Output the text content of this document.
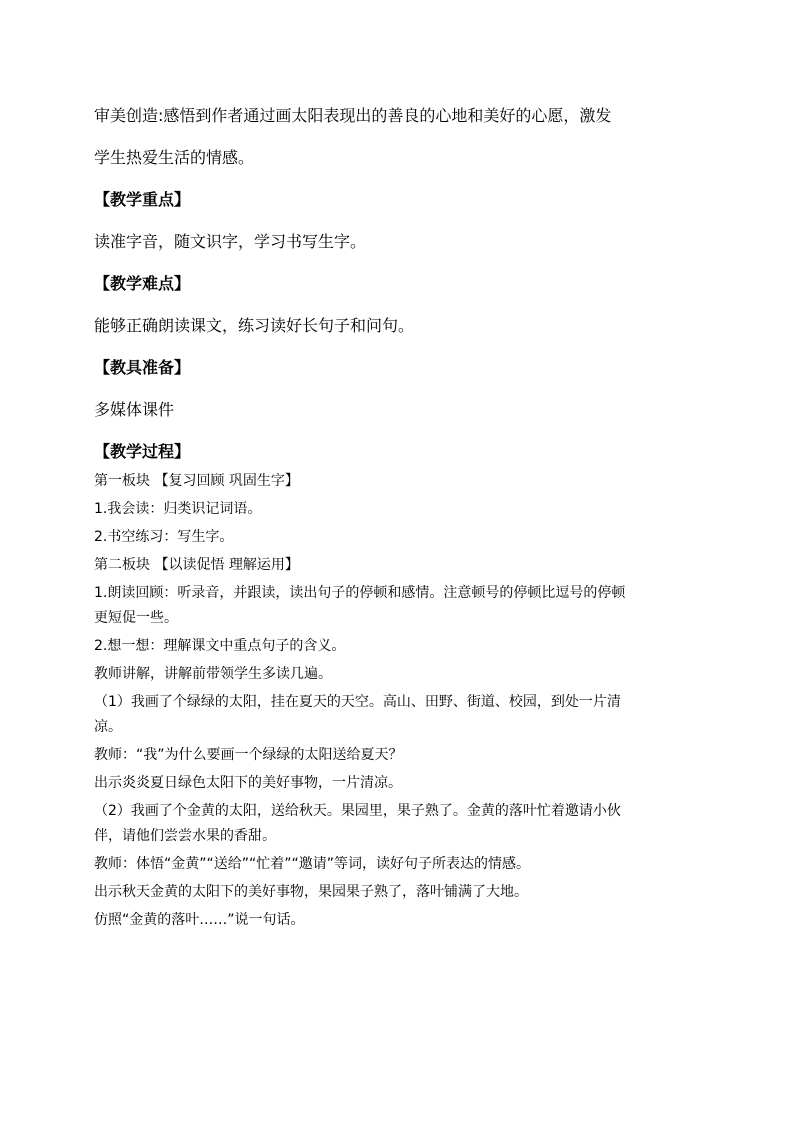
审美创造:感悟到作者通过画太阳表现出的善良的心地和美好的心愿，激发

学生热爱生活的情感。

【教学重点】

读准字音，随文识字，学习书写生字。

【教学难点】

能够正确朗读课文，练习读好长句子和问句。

【教具准备】

多媒体课件

【教学过程】

第一板块 【复习回顾 巩固生字】

1.我会读：归类识记词语。

2.书空练习：写生字。

第二板块 【以读促悟 理解运用】

1.朗读回顾：听录音，并跟读，读出句子的停顿和感情。注意顿号的停顿比逗号的停顿

更短促一些。

2.想一想：理解课文中重点句子的含义。

教师讲解，讲解前带领学生多读几遍。

（1）我画了个绿绿的太阳，挂在夏天的天空。高山、田野、街道、校园，到处一片清

凉。

教师：“我”为什么要画一个绿绿的太阳送给夏天？

出示炎炎夏日绿色太阳下的美好事物，一片清凉。

（2）我画了个金黄的太阳，送给秋天。果园里，果子熟了。金黄的落叶忙着邀请小伙

伴，请他们尝尝水果的香甜。

教师：体悟“金黄”“送给”“忙着”“邀请”等词，读好句子所表达的情感。

出示秋天金黄的太阳下的美好事物，果园果子熟了，落叶铺满了大地。

仿照“金黄的落叶……”说一句话。
